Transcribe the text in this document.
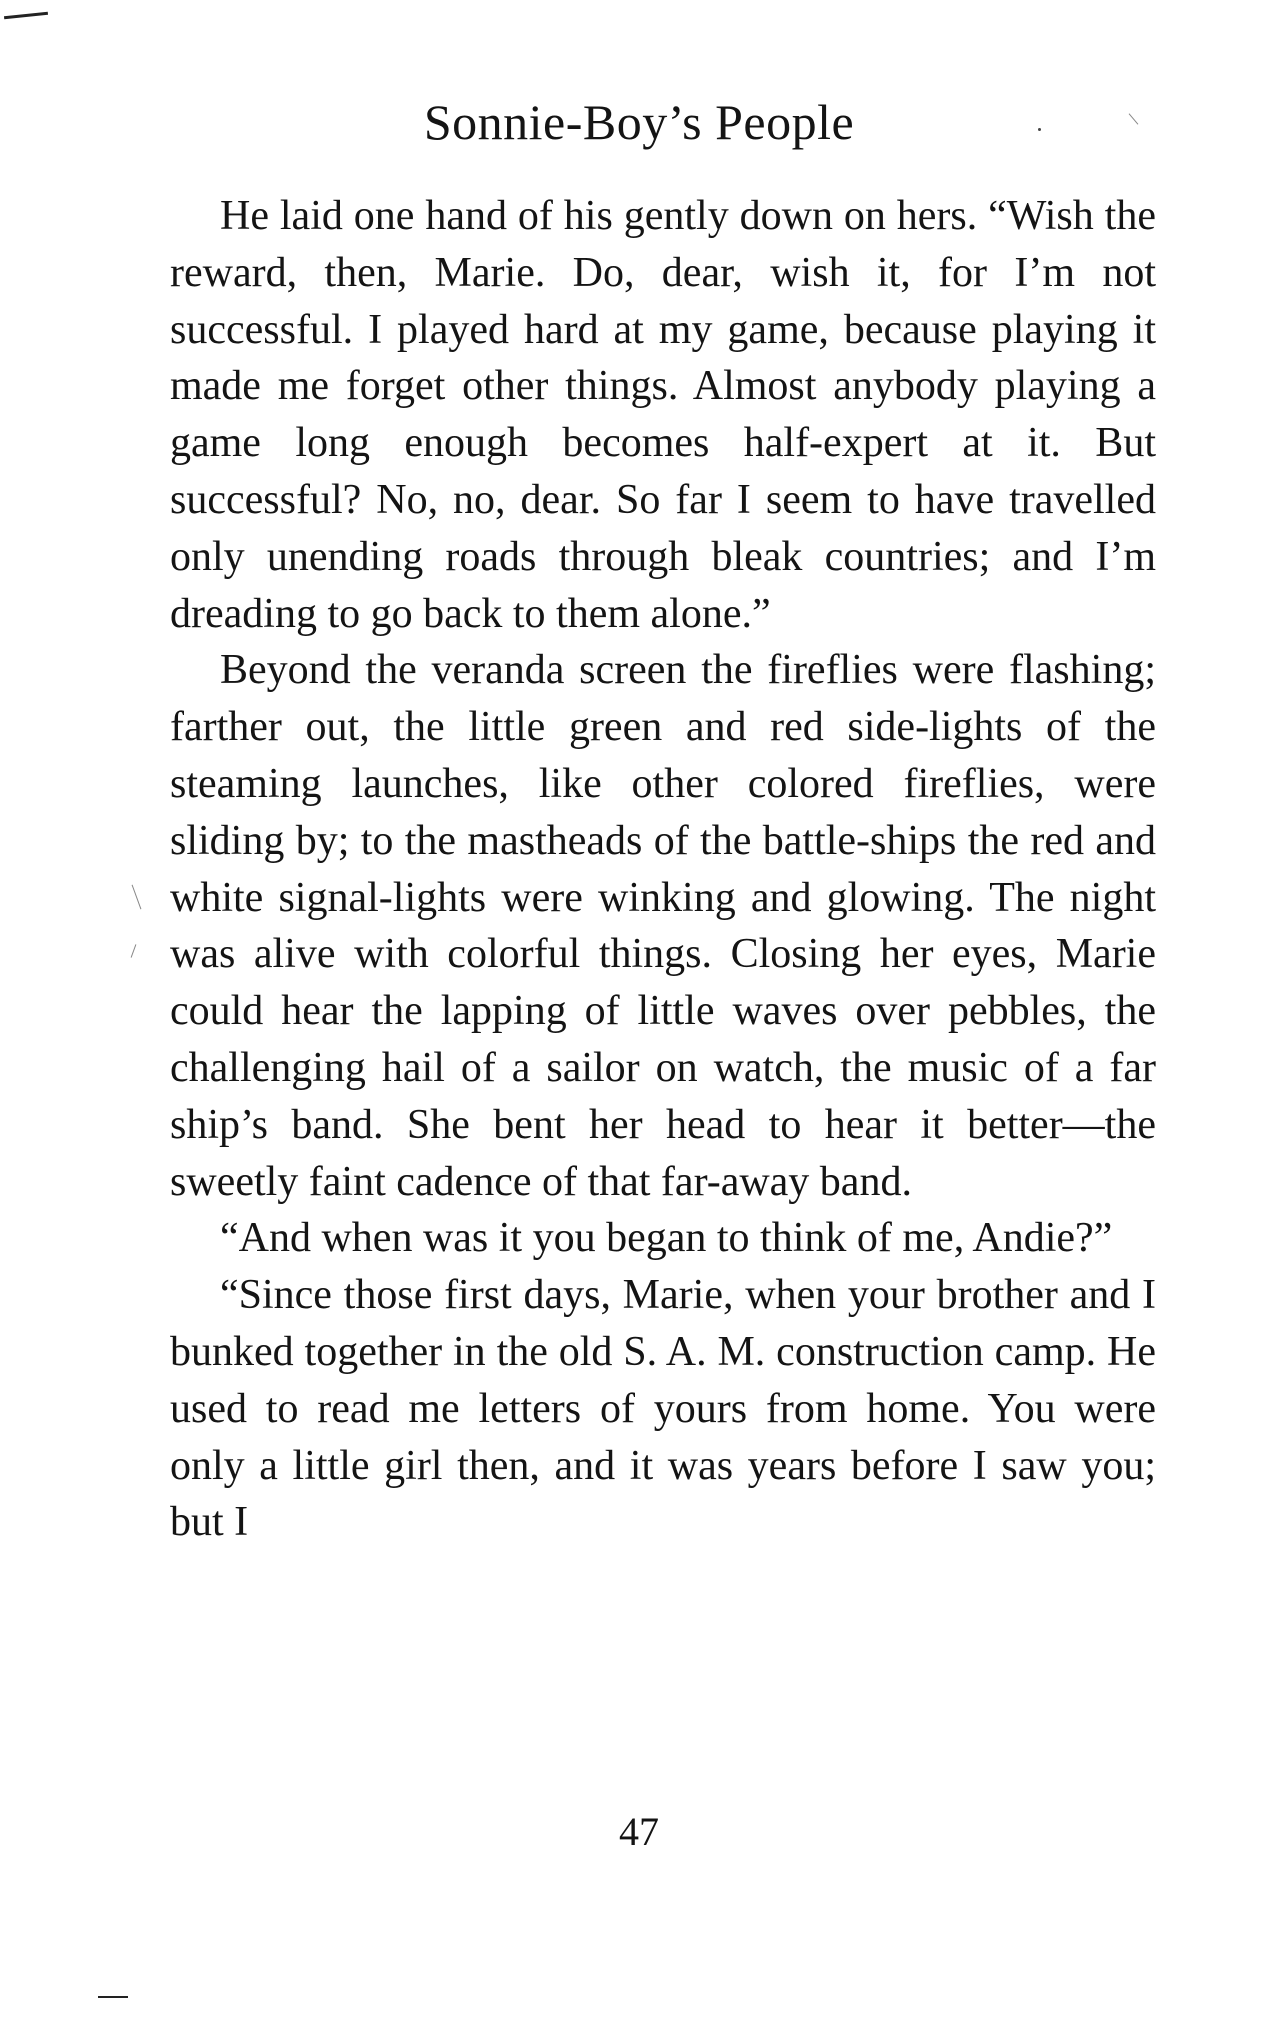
Sonnie-Boy’s People

He laid one hand of his gently down on hers. “Wish the reward, then, Marie. Do, dear, wish it, for I’m not successful. I played hard at my game, because playing it made me forget other things. Almost anybody playing a game long enough becomes half-expert at it. But successful? No, no, dear. So far I seem to have travelled only unending roads through bleak countries; and I’m dreading to go back to them alone.”

Beyond the veranda screen the fireflies were flashing; farther out, the little green and red side-lights of the steaming launches, like other colored fireflies, were sliding by; to the mastheads of the battle-ships the red and white signal-lights were winking and glowing. The night was alive with colorful things. Closing her eyes, Marie could hear the lapping of little waves over pebbles, the challenging hail of a sailor on watch, the music of a far ship’s band. She bent her head to hear it better—the sweetly faint cadence of that far-away band.

“And when was it you began to think of me, Andie?”

“Since those first days, Marie, when your brother and I bunked together in the old S. A. M. construction camp. He used to read me letters of yours from home. You were only a little girl then, and it was years before I saw you; but I

47
